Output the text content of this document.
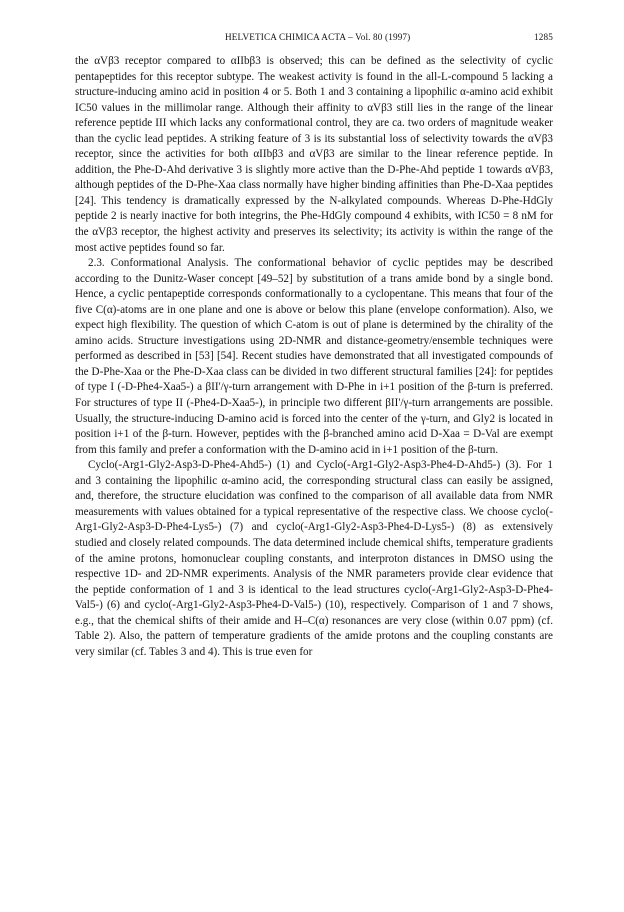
HELVETICA CHIMICA ACTA – Vol. 80 (1997)	1285

the αVβ3 receptor compared to αIIbβ3 is observed; this can be defined as the selectivity of cyclic pentapeptides for this receptor subtype. The weakest activity is found in the all-L-compound 5 lacking a structure-inducing amino acid in position 4 or 5. Both 1 and 3 containing a lipophilic α-amino acid exhibit IC50 values in the millimolar range. Although their affinity to αVβ3 still lies in the range of the linear reference peptide III which lacks any conformational control, they are ca. two orders of magnitude weaker than the cyclic lead peptides. A striking feature of 3 is its substantial loss of selectivity towards the αVβ3 receptor, since the activities for both αIIbβ3 and αVβ3 are similar to the linear reference peptide. In addition, the Phe-D-Ahd derivative 3 is slightly more active than the D-Phe-Ahd peptide 1 towards αVβ3, although peptides of the D-Phe-Xaa class normally have higher binding affinities than Phe-D-Xaa peptides [24]. This tendency is dramatically expressed by the N-alkylated compounds. Whereas D-Phe-HdGly peptide 2 is nearly inactive for both integrins, the Phe-HdGly compound 4 exhibits, with IC50 = 8 nM for the αVβ3 receptor, the highest activity and preserves its selectivity; its activity is within the range of the most active peptides found so far.

2.3. Conformational Analysis. The conformational behavior of cyclic peptides may be described according to the Dunitz-Waser concept [49–52] by substitution of a trans amide bond by a single bond. Hence, a cyclic pentapeptide corresponds conformationally to a cyclopentane. This means that four of the five C(α)-atoms are in one plane and one is above or below this plane (envelope conformation). Also, we expect high flexibility. The question of which C-atom is out of plane is determined by the chirality of the amino acids. Structure investigations using 2D-NMR and distance-geometry/ensemble techniques were performed as described in [53] [54]. Recent studies have demonstrated that all investigated compounds of the D-Phe-Xaa or the Phe-D-Xaa class can be divided in two different structural families [24]: for peptides of type I (-D-Phe4-Xaa5-) a βII'/γ-turn arrangement with D-Phe in i+1 position of the β-turn is preferred. For structures of type II (-Phe4-D-Xaa5-), in principle two different βII'/γ-turn arrangements are possible. Usually, the structure-inducing D-amino acid is forced into the center of the γ-turn, and Gly2 is located in position i+1 of the β-turn. However, peptides with the β-branched amino acid D-Xaa = D-Val are exempt from this family and prefer a conformation with the D-amino acid in i+1 position of the β-turn.

Cyclo(-Arg1-Gly2-Asp3-D-Phe4-Ahd5-) (1) and Cyclo(-Arg1-Gly2-Asp3-Phe4-D-Ahd5-) (3). For 1 and 3 containing the lipophilic α-amino acid, the corresponding structural class can easily be assigned, and, therefore, the structure elucidation was confined to the comparison of all available data from NMR measurements with values obtained for a typical representative of the respective class. We choose cyclo(-Arg1-Gly2-Asp3-D-Phe4-Lys5-) (7) and cyclo(-Arg1-Gly2-Asp3-Phe4-D-Lys5-) (8) as extensively studied and closely related compounds. The data determined include chemical shifts, temperature gradients of the amine protons, homonuclear coupling constants, and interproton distances in DMSO using the respective 1D- and 2D-NMR experiments. Analysis of the NMR parameters provide clear evidence that the peptide conformation of 1 and 3 is identical to the lead structures cyclo(-Arg1-Gly2-Asp3-D-Phe4-Val5-) (6) and cyclo(-Arg1-Gly2-Asp3-Phe4-D-Val5-) (10), respectively. Comparison of 1 and 7 shows, e.g., that the chemical shifts of their amide and H–C(α) resonances are very close (within 0.07 ppm) (cf. Table 2). Also, the pattern of temperature gradients of the amide protons and the coupling constants are very similar (cf. Tables 3 and 4). This is true even for
